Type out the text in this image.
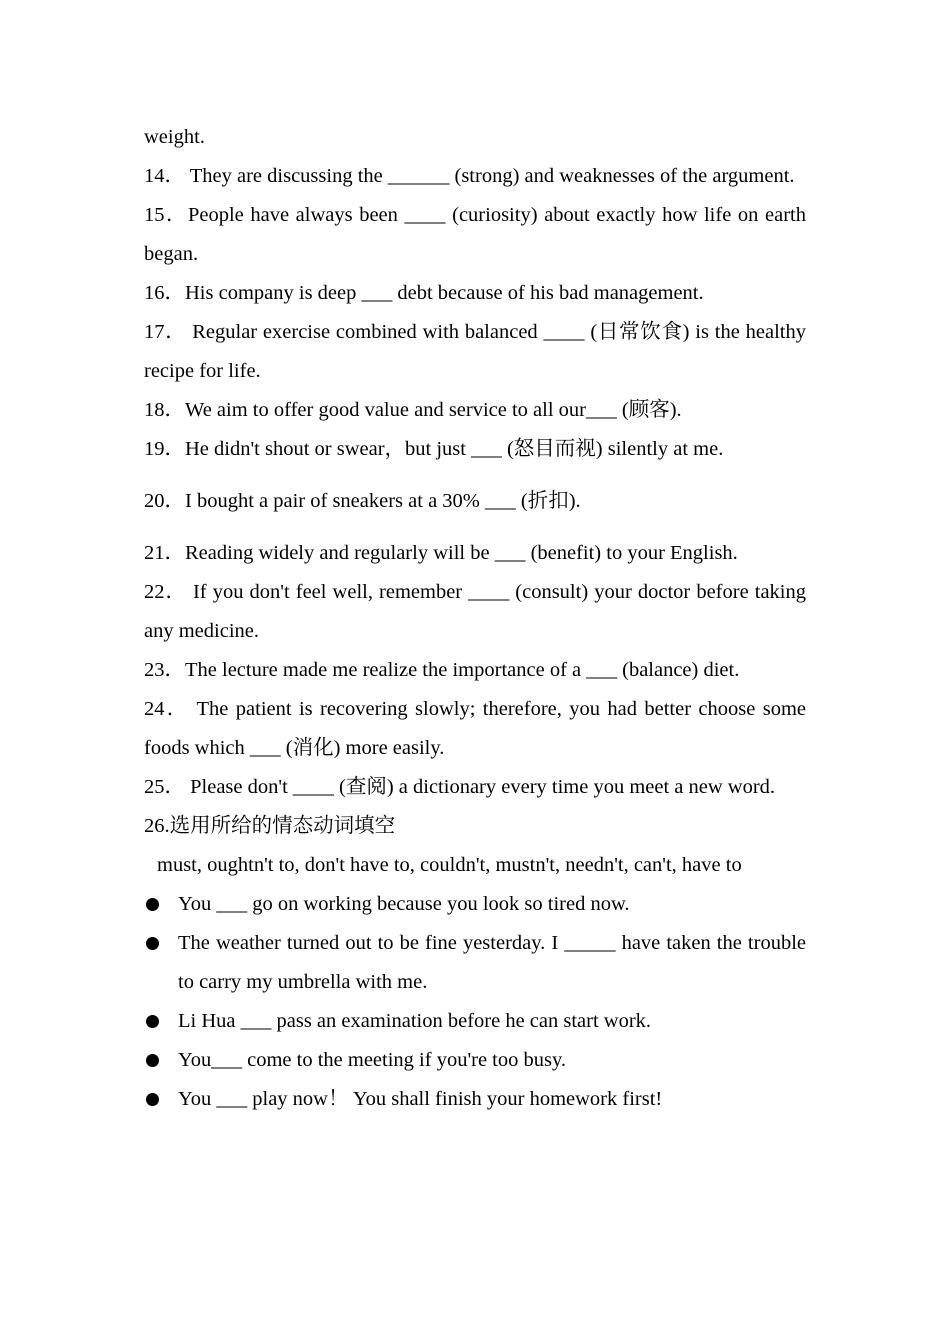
weight.

14． They are discussing the ______ (strong) and weaknesses of the argument.

15．People have always been ____ (curiosity) about exactly how life on earth began.

16．His company is deep ___ debt because of his bad management.

17． Regular exercise combined with balanced ____ (日常饮食) is the healthy recipe for life.

18．We aim to offer good value and service to all our___ (顾客).

19．He didn't shout or swear，but just ___ (怒目而视) silently at me.

20．I bought a pair of sneakers at a 30% ___ (折扣).

21．Reading widely and regularly will be ___ (benefit) to your English.

22． If you don't feel well, remember ____ (consult) your doctor before taking any medicine.

23．The lecture made me realize the importance of a ___ (balance) diet.

24． The patient is recovering slowly; therefore, you had better choose some foods which ___ (消化) more easily.

25． Please don't ____ (查阅) a dictionary every time you meet a new word.

26.选用所给的情态动词填空

must, oughtn't to, don't have to, couldn't, mustn't, needn't, can't, have to

You ___ go on working because you look so tired now.
The weather turned out to be fine yesterday. I _____ have taken the trouble to carry my umbrella with me.
Li Hua ___ pass an examination before he can start work.
You___ come to the meeting if you're too busy.
You ___ play now！ You shall finish your homework first!
